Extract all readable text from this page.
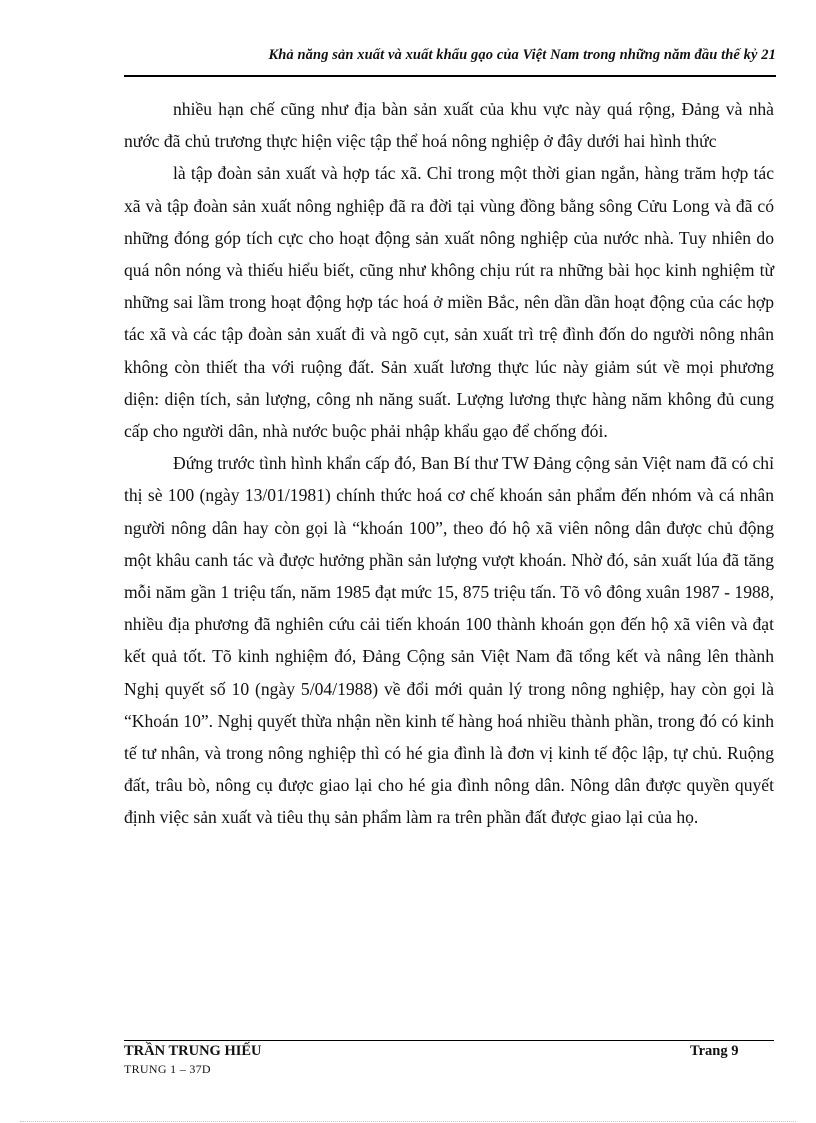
Khả năng sản xuất và xuất khẩu gạo của Việt Nam trong những năm đầu thế kỷ 21

nhiều hạn chế cũng như địa bàn sản xuất của khu vực này quá rộng, Đảng và nhà nước đã chủ trương thực hiện việc tập thể hoá nông nghiệp ở đây dưới hai hình thức

là tập đoàn sản xuất và hợp tác xã. Chỉ trong một thời gian ngắn, hàng trăm hợp tác xã và tập đoàn sản xuất nông nghiệp đã ra đời tại vùng đồng bằng sông Cửu Long và đã có những đóng góp tích cực cho hoạt động sản xuất nông nghiệp của nước nhà. Tuy nhiên do quá nôn nóng và thiếu hiểu biết, cũng như không chịu rút ra những bài học kinh nghiệm từ những sai lầm trong hoạt động hợp tác hoá ở miền Bắc, nên dần dần hoạt động của các hợp tác xã và các tập đoàn sản xuất đi và ngõ cụt, sản xuất trì trệ đình đốn do người nông nhân không còn thiết tha với ruộng đất. Sản xuất lương thực lúc này giảm sút về mọi phương diện: diện tích, sản lượng, công nh năng suất. Lượng lương thực hàng năm không đủ cung cấp cho người dân, nhà nước buộc phải nhập khẩu gạo để chống đói.

Đứng trước tình hình khẩn cấp đó, Ban Bí thư TW Đảng cộng sản Việt nam đã có chỉ thị sè 100 (ngày 13/01/1981) chính thức hoá cơ chế khoán sản phẩm đến nhóm và cá nhân người nông dân hay còn gọi là “khoán 100”, theo đó hộ xã viên nông dân được chủ động một khâu canh tác và được hưởng phần sản lượng vượt khoán. Nhờ đó, sản xuất lúa đã tăng mỗi năm gần 1 triệu tấn, năm 1985 đạt mức 15, 875 triệu tấn. Tõ vô đông xuân 1987 - 1988, nhiều địa phương đã nghiên cứu cải tiến khoán 100 thành khoán gọn đến hộ xã viên và đạt kết quả tốt. Tõ kinh nghiệm đó, Đảng Cộng sản Việt Nam đã tổng kết và nâng lên thành Nghị quyết số 10 (ngày 5/04/1988) về đổi mới quản lý trong nông nghiệp, hay còn gọi là “Khoán 10”. Nghị quyết thừa nhận nền kinh tế hàng hoá nhiều thành phần, trong đó có kinh tế tư nhân, và trong nông nghiệp thì có hé gia đình là đơn vị kinh tế độc lập, tự chủ. Ruộng đất, trâu bò, nông cụ được giao lại cho hé gia đình nông dân. Nông dân được quyền quyết định việc sản xuất và tiêu thụ sản phẩm làm ra trên phần đất được giao lại của họ.

TRẦN TRUNG HIẾU
TRUNG 1 – 37D
Trang 9
